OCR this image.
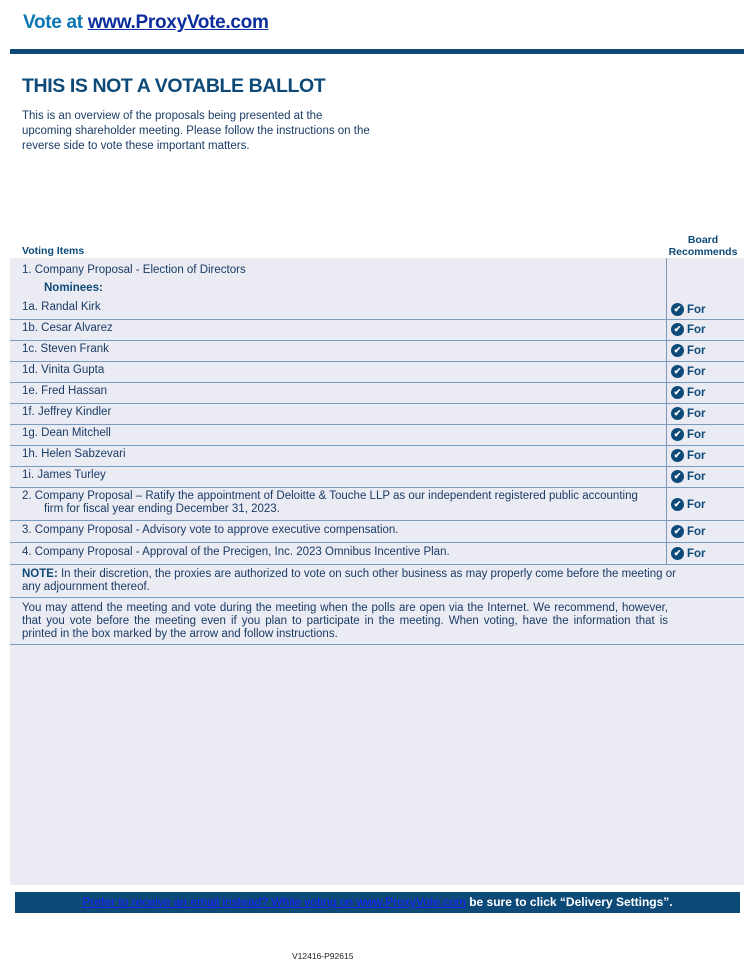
Vote at www.ProxyVote.com
THIS IS NOT A VOTABLE BALLOT
This is an overview of the proposals being presented at the upcoming shareholder meeting. Please follow the instructions on the reverse side to vote these important matters.
Voting Items
Board
Recommends
1. Company Proposal - Election of Directors
Nominees:
1a. Randal Kirk	✔ For
1b. Cesar Alvarez	✔ For
1c. Steven Frank	✔ For
1d. Vinita Gupta	✔ For
1e. Fred Hassan	✔ For
1f. Jeffrey Kindler	✔ For
1g. Dean Mitchell	✔ For
1h. Helen Sabzevari	✔ For
1i. James Turley	✔ For
2. Company Proposal – Ratify the appointment of Deloitte & Touche LLP as our independent registered public accounting
firm for fiscal year ending December 31, 2023.	✔ For
3. Company Proposal - Advisory vote to approve executive compensation.	✔ For
4. Company Proposal - Approval of the Precigen, Inc. 2023 Omnibus Incentive Plan.	✔ For
NOTE: In their discretion, the proxies are authorized to vote on such other business as may properly come before the meeting or any adjournment thereof.
You may attend the meeting and vote during the meeting when the polls are open via the Internet. We recommend, however, that you vote before the meeting even if you plan to participate in the meeting. When voting, have the information that is printed in the box marked by the arrow and follow instructions.
Prefer to receive an email instead? While voting on www.ProxyVote.com be sure to click “Delivery Settings”.
V12416-P92615
